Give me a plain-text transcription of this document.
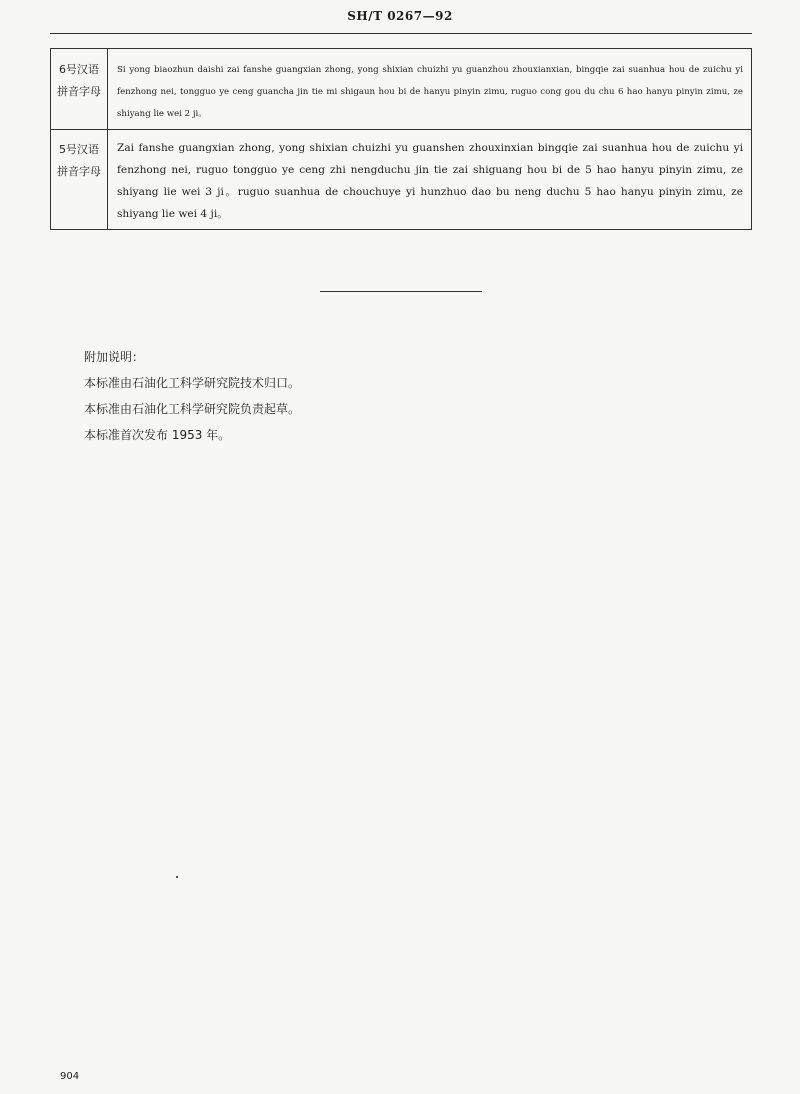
SH/T 0267—92
6号汉语拼音字母
Si yong biaozhun daishi zai fanshe guangxian zhong, yong shixian chuizhi yu guanzhou zhouxianxian, bingqie zai suanhua hou de zuichu yi fenzhong nei, tongguo ye ceng guancha jin tie mi shigaun hou bi de hanyu pinyin zimu, ruguo cong gou du chu 6 hao hanyu pinyin zimu, ze shiyang lie wei 2 ji。
5号汉语拼音字母
Zai fanshe guangxian zhong, yong shixian chuizhi yu guanshen zhouxinxian bingqie zai suanhua hou de zuichu yi fenzhong nei, ruguo tongguo ye ceng zhi nengduchu jin tie zai shiguang hou bi de 5 hao hanyu pinyin zimu, ze shiyang lie wei 3 ji。ruguo suanhua de chouchuye yi hunzhuo dao bu neng duchu 5 hao hanyu pinyin zimu, ze shiyang lie wei 4 ji。
附加说明：
本标准由石油化工科学研究院技术归口。
本标准由石油化工科学研究院负责起草。
本标准首次发布 1953 年。
904
